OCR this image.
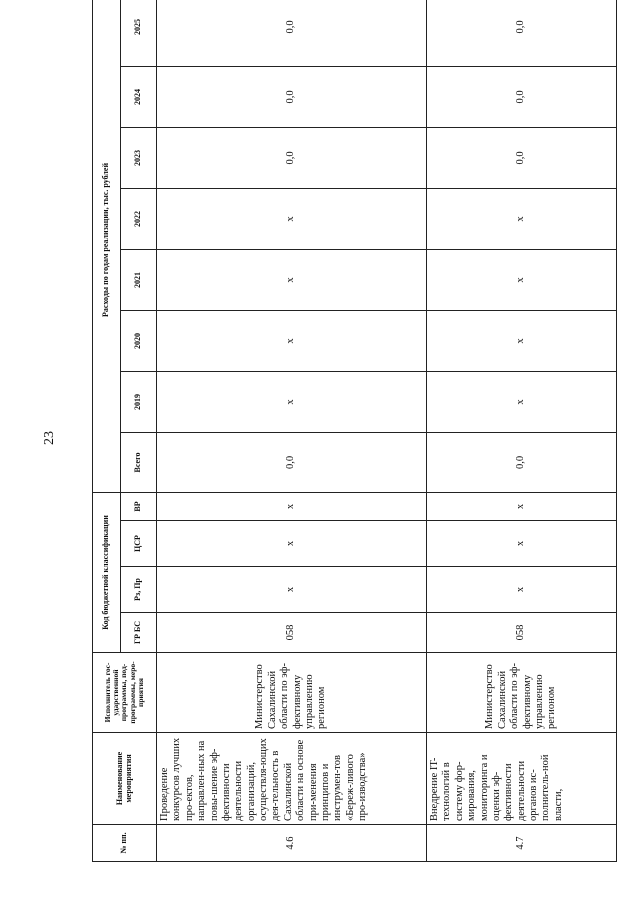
23
№ пп.	Наименование мероприятия	Исполнитель гос-ударственной программы, под-программы, меро-приятия	Код бюджетной классификации				Расходы по годам реализации, тыс. рублей							
			ГР БС	Рз, Пр	ЦСР	ВР	Всего	2019	2020	2021	2022	2023	2024	2025
4.6	Проведение конкурсов лучших про-ектов, направлен-ных на повы-шение эф-фективности деятельности организаций, осуществля-ющих дея-тельность в Сахалинской области на основе при-менения принципов и инструмен-тов «Береж-ливого про-изводства»	Министерство Сахалинской области по эф-фективному управлению регионом	058	х	х	х	0,0	х	х	х	х	0,0	0,0	0,0
4.7	Внедрение IT-технологий в систему фор-мирования, мониторинга и оценки эф-фективности деятельности органов ис-полнитель-ной власти,	Министерство Сахалинской области по эф-фективному управлению регионом	058	х	х	х	0,0	х	х	х	х	0,0	0,0	0,0
